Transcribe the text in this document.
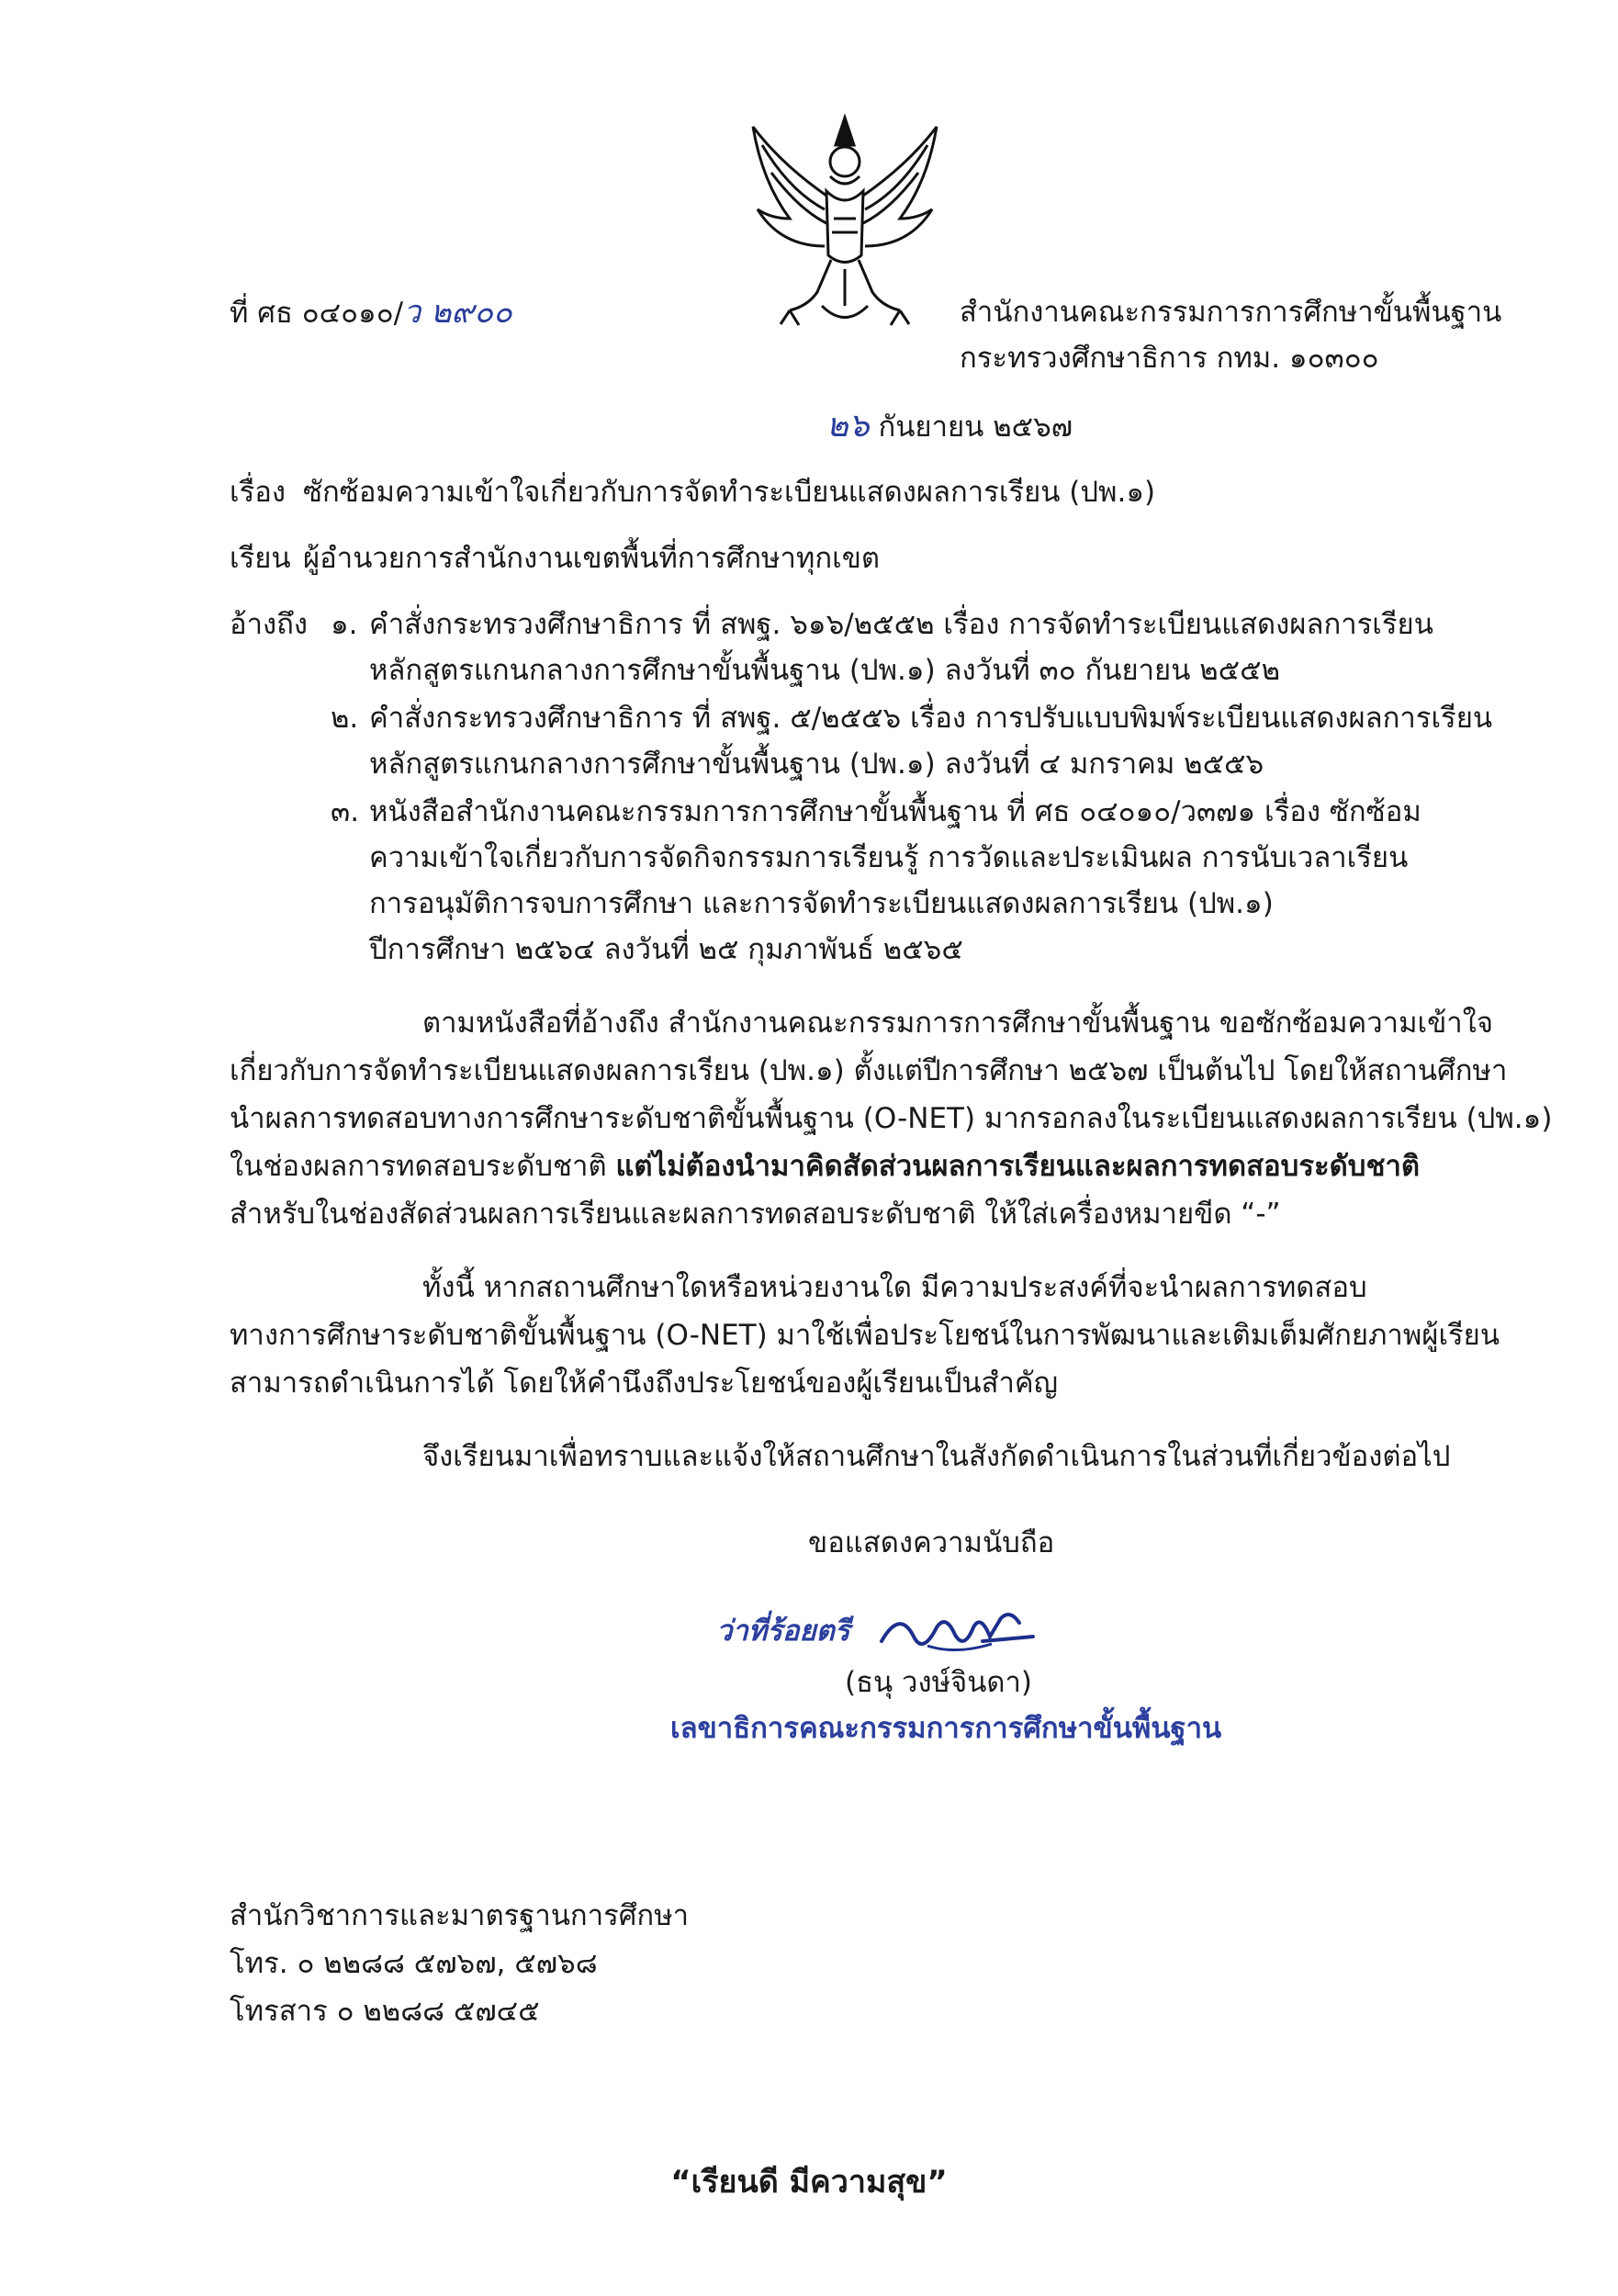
ที่ ศธ ๐๔๐๑๐/ว ๒๙๐๐	สำนักงานคณะกรรมการการศึกษาขั้นพื้นฐาน
กระทรวงศึกษาธิการ กทม. ๑๐๓๐๐
๒๖ กันยายน ๒๕๖๗
เรื่อง ซักซ้อมความเข้าใจเกี่ยวกับการจัดทำระเบียนแสดงผลการเรียน (ปพ.๑)
เรียน ผู้อำนวยการสำนักงานเขตพื้นที่การศึกษาทุกเขต
อ้างถึง ๑. คำสั่งกระทรวงศึกษาธิการ ที่ สพฐ. ๖๑๖/๒๕๕๒ เรื่อง การจัดทำระเบียนแสดงผลการเรียน
หลักสูตรแกนกลางการศึกษาขั้นพื้นฐาน (ปพ.๑) ลงวันที่ ๓๐ กันยายน ๒๕๕๒
๒. คำสั่งกระทรวงศึกษาธิการ ที่ สพฐ. ๕/๒๕๕๖ เรื่อง การปรับแบบพิมพ์ระเบียนแสดงผลการเรียน
หลักสูตรแกนกลางการศึกษาขั้นพื้นฐาน (ปพ.๑) ลงวันที่ ๔ มกราคม ๒๕๕๖
๓. หนังสือสำนักงานคณะกรรมการการศึกษาขั้นพื้นฐาน ที่ ศธ ๐๔๐๑๐/ว๓๗๑ เรื่อง ซักซ้อม
ความเข้าใจเกี่ยวกับการจัดกิจกรรมการเรียนรู้ การวัดและประเมินผล การนับเวลาเรียน
การอนุมัติการจบการศึกษา และการจัดทำระเบียนแสดงผลการเรียน (ปพ.๑)
ปีการศึกษา ๒๕๖๔ ลงวันที่ ๒๕ กุมภาพันธ์ ๒๕๖๕
ตามหนังสือที่อ้างถึง สำนักงานคณะกรรมการการศึกษาขั้นพื้นฐาน ขอซักซ้อมความเข้าใจ
เกี่ยวกับการจัดทำระเบียนแสดงผลการเรียน (ปพ.๑) ตั้งแต่ปีการศึกษา ๒๕๖๗ เป็นต้นไป โดยให้สถานศึกษา
นำผลการทดสอบทางการศึกษาระดับชาติขั้นพื้นฐาน (O-NET) มากรอกลงในระเบียนแสดงผลการเรียน (ปพ.๑)
ในช่องผลการทดสอบระดับชาติ แต่ไม่ต้องนำมาคิดสัดส่วนผลการเรียนและผลการทดสอบระดับชาติ
สำหรับในช่องสัดส่วนผลการเรียนและผลการทดสอบระดับชาติ ให้ใส่เครื่องหมายขีด “-”
ทั้งนี้ หากสถานศึกษาใดหรือหน่วยงานใด มีความประสงค์ที่จะนำผลการทดสอบ
ทางการศึกษาระดับชาติขั้นพื้นฐาน (O-NET) มาใช้เพื่อประโยชน์ในการพัฒนาและเติมเต็มศักยภาพผู้เรียน
สามารถดำเนินการได้ โดยให้คำนึงถึงประโยชน์ของผู้เรียนเป็นสำคัญ
จึงเรียนมาเพื่อทราบและแจ้งให้สถานศึกษาในสังกัดดำเนินการในส่วนที่เกี่ยวข้องต่อไป
ขอแสดงความนับถือ
ว่าที่ร้อยตรี
(ธนุ วงษ์จินดา)
เลขาธิการคณะกรรมการการศึกษาขั้นพื้นฐาน
สำนักวิชาการและมาตรฐานการศึกษา
โทร. ๐ ๒๒๘๘ ๕๗๖๗, ๕๗๖๘
โทรสาร ๐ ๒๒๘๘ ๕๗๔๕
“เรียนดี มีความสุข”
